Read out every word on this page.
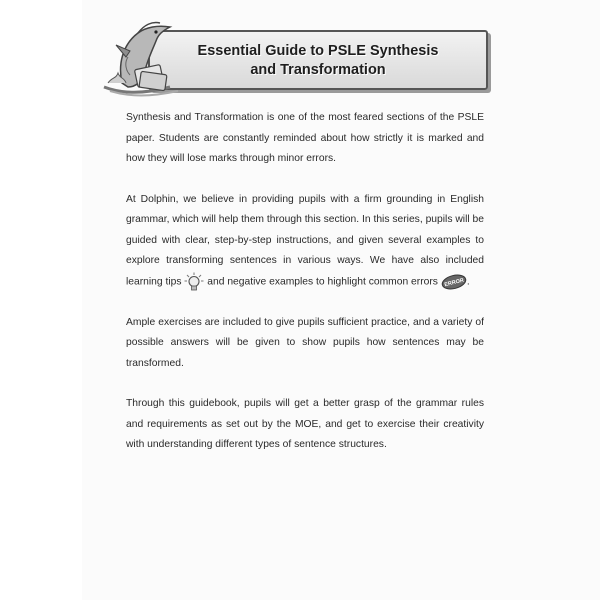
Essential Guide to PSLE Synthesis
and Transformation

Synthesis and Transformation is one of the most feared sections of the PSLE paper. Students are constantly reminded about how strictly it is marked and how they will lose marks through minor errors.

At Dolphin, we believe in providing pupils with a firm grounding in English grammar, which will help them through this section. In this series, pupils will be guided with clear, step-by-step instructions, and given several examples to explore transforming sentences in various ways. We have also included learning tips	and negative examples to highlight common errors ERROR .

Ample exercises are included to give pupils sufficient practice, and a variety of possible answers will be given to show pupils how sentences may be transformed.

Through this guidebook, pupils will get a better grasp of the grammar rules and requirements as set out by the MOE, and get to exercise their creativity with understanding different types of sentence structures.
